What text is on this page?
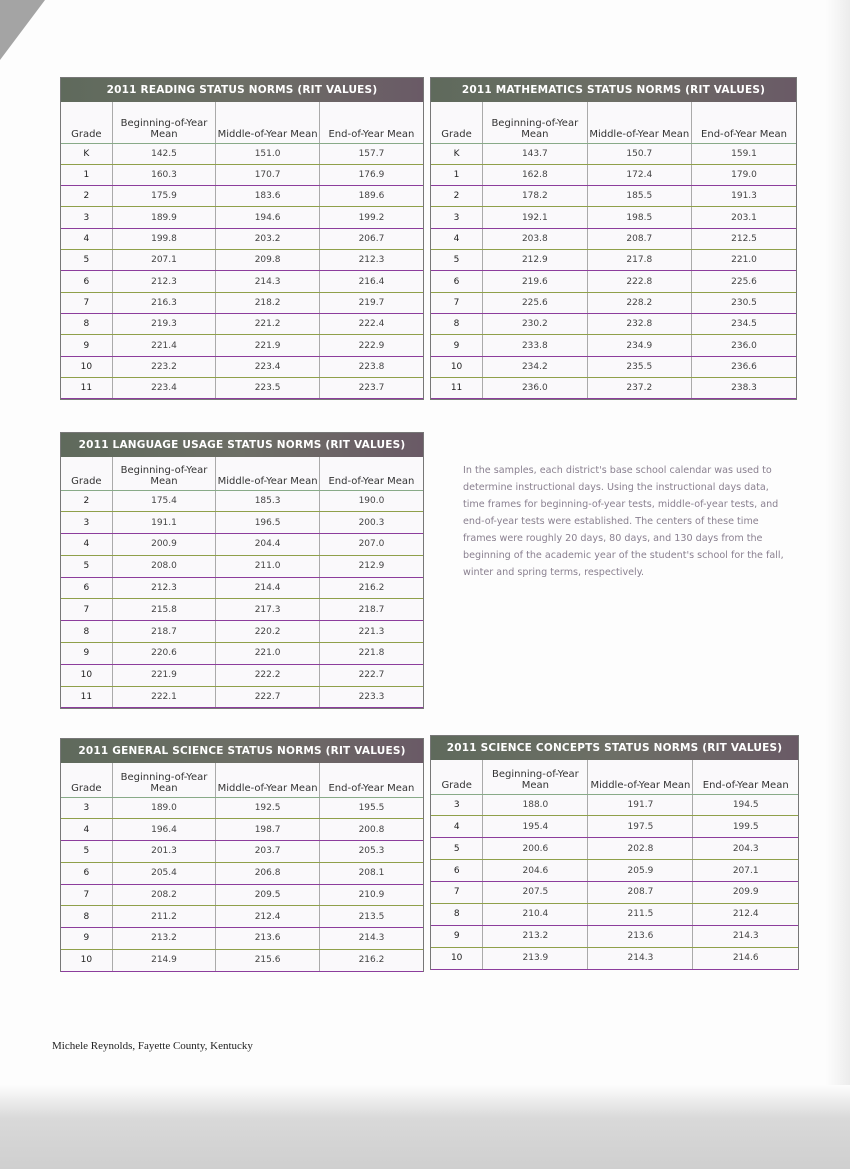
2011 READING STATUS NORMS (RIT VALUES)
Grade	Beginning-of-Year Mean	Middle-of-Year Mean	End-of-Year Mean
K	142.5	151.0	157.7
1	160.3	170.7	176.9
2	175.9	183.6	189.6
3	189.9	194.6	199.2
4	199.8	203.2	206.7
5	207.1	209.8	212.3
6	212.3	214.3	216.4
7	216.3	218.2	219.7
8	219.3	221.2	222.4
9	221.4	221.9	222.9
10	223.2	223.4	223.8
11	223.4	223.5	223.7
2011 MATHEMATICS STATUS NORMS (RIT VALUES)
Grade	Beginning-of-Year Mean	Middle-of-Year Mean	End-of-Year Mean
K	143.7	150.7	159.1
1	162.8	172.4	179.0
2	178.2	185.5	191.3
3	192.1	198.5	203.1
4	203.8	208.7	212.5
5	212.9	217.8	221.0
6	219.6	222.8	225.6
7	225.6	228.2	230.5
8	230.2	232.8	234.5
9	233.8	234.9	236.0
10	234.2	235.5	236.6
11	236.0	237.2	238.3
2011 LANGUAGE USAGE STATUS NORMS (RIT VALUES)
Grade	Beginning-of-Year Mean	Middle-of-Year Mean	End-of-Year Mean
2	175.4	185.3	190.0
3	191.1	196.5	200.3
4	200.9	204.4	207.0
5	208.0	211.0	212.9
6	212.3	214.4	216.2
7	215.8	217.3	218.7
8	218.7	220.2	221.3
9	220.6	221.0	221.8
10	221.9	222.2	222.7
11	222.1	222.7	223.3
2011 GENERAL SCIENCE STATUS NORMS (RIT VALUES)
Grade	Beginning-of-Year Mean	Middle-of-Year Mean	End-of-Year Mean
3	189.0	192.5	195.5
4	196.4	198.7	200.8
5	201.3	203.7	205.3
6	205.4	206.8	208.1
7	208.2	209.5	210.9
8	211.2	212.4	213.5
9	213.2	213.6	214.3
10	214.9	215.6	216.2
2011 SCIENCE CONCEPTS STATUS NORMS (RIT VALUES)
Grade	Beginning-of-Year Mean	Middle-of-Year Mean	End-of-Year Mean
3	188.0	191.7	194.5
4	195.4	197.5	199.5
5	200.6	202.8	204.3
6	204.6	205.9	207.1
7	207.5	208.7	209.9
8	210.4	211.5	212.4
9	213.2	213.6	214.3
10	213.9	214.3	214.6
In the samples, each district's base school calendar was used to determine instructional days. Using the instructional days data, time frames for beginning-of-year tests, middle-of-year tests, and end-of-year tests were established. The centers of these time frames were roughly 20 days, 80 days, and 130 days from the beginning of the academic year of the student's school for the fall, winter and spring terms, respectively.
Michele Reynolds, Fayette County, Kentucky
